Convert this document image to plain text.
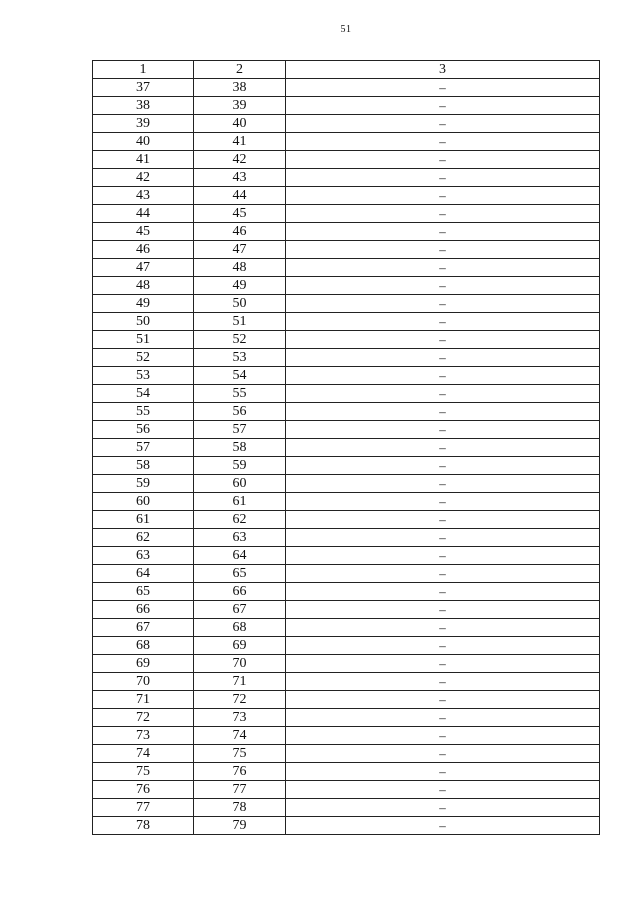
51
1	2	3
37	38	–
38	39	–
39	40	–
40	41	–
41	42	–
42	43	–
43	44	–
44	45	–
45	46	–
46	47	–
47	48	–
48	49	–
49	50	–
50	51	–
51	52	–
52	53	–
53	54	–
54	55	–
55	56	–
56	57	–
57	58	–
58	59	–
59	60	–
60	61	–
61	62	–
62	63	–
63	64	–
64	65	–
65	66	–
66	67	–
67	68	–
68	69	–
69	70	–
70	71	–
71	72	–
72	73	–
73	74	–
74	75	–
75	76	–
76	77	–
77	78	–
78	79	–
